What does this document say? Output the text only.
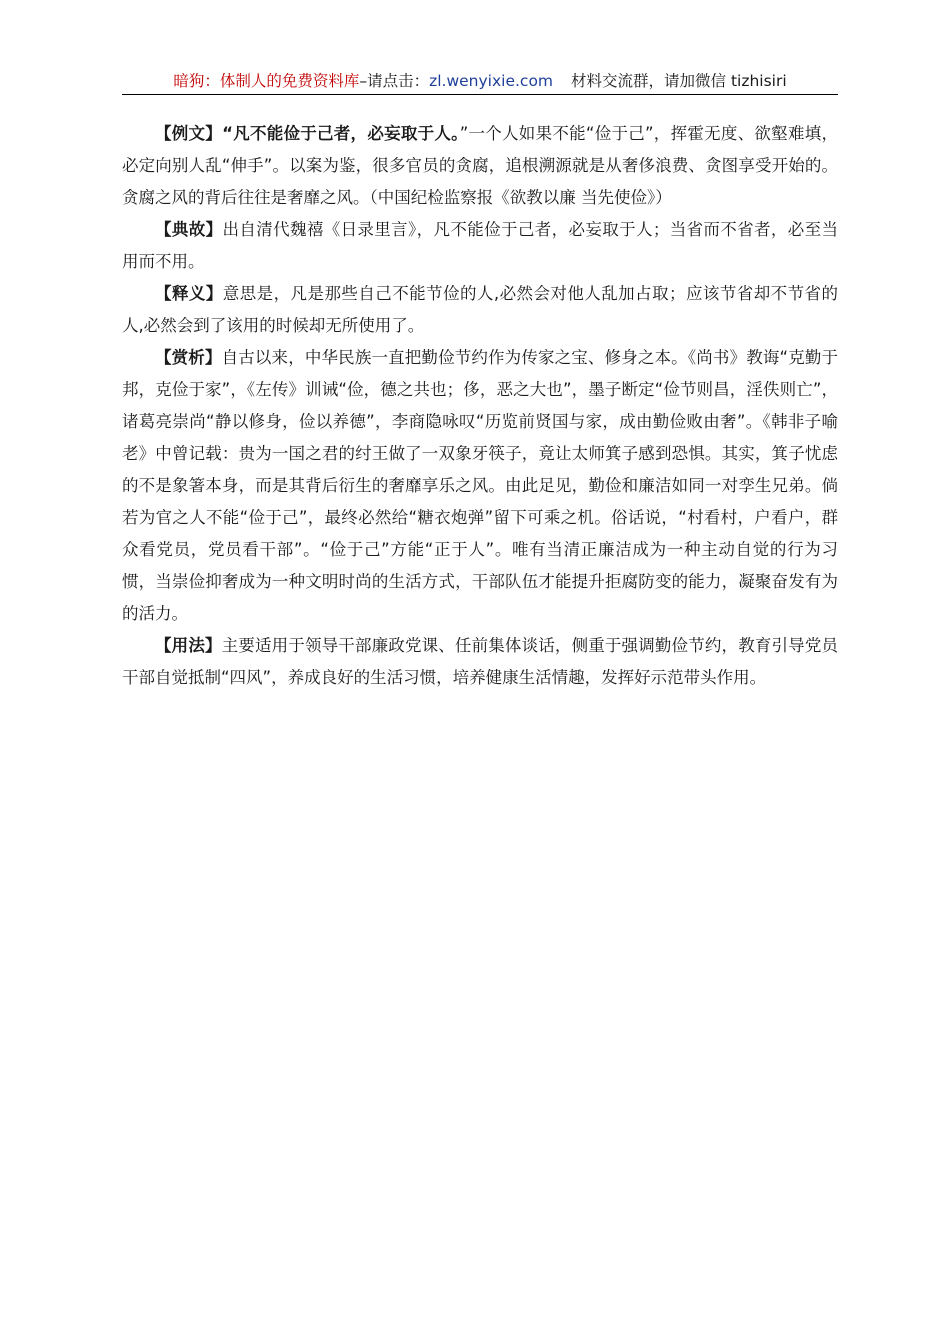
暗狗：体制人的免费资料库–请点击：zl.wenyixie.com 材料交流群，请加微信 tizhisiri

【例文】“凡不能俭于己者，必妄取于人。”一个人如果不能“俭于己”，挥霍无度、欲壑难填，必定向别人乱“伸手”。以案为鉴，很多官员的贪腐，追根溯源就是从奢侈浪费、贪图享受开始的。贪腐之风的背后往往是奢靡之风。（中国纪检监察报《欲教以廉 当先使俭》）

【典故】出自清代魏禧《日录里言》，凡不能俭于己者，必妄取于人；当省而不省者，必至当用而不用。

【释义】意思是，凡是那些自己不能节俭的人,必然会对他人乱加占取；应该节省却不节省的人,必然会到了该用的时候却无所使用了。

【赏析】自古以来，中华民族一直把勤俭节约作为传家之宝、修身之本。《尚书》教诲“克勤于邦，克俭于家”，《左传》训诫“俭，德之共也；侈，恶之大也”，墨子断定“俭节则昌，淫佚则亡”，诸葛亮崇尚“静以修身，俭以养德”，李商隐咏叹“历览前贤国与家，成由勤俭败由奢”。《韩非子喻老》中曾记载：贵为一国之君的纣王做了一双象牙筷子，竟让太师箕子感到恐惧。其实，箕子忧虑的不是象箸本身，而是其背后衍生的奢靡享乐之风。由此足见，勤俭和廉洁如同一对孪生兄弟。倘若为官之人不能“俭于己”，最终必然给“糖衣炮弹”留下可乘之机。俗话说，“村看村，户看户，群众看党员，党员看干部”。“俭于己”方能“正于人”。唯有当清正廉洁成为一种主动自觉的行为习惯，当崇俭抑奢成为一种文明时尚的生活方式，干部队伍才能提升拒腐防变的能力，凝聚奋发有为的活力。

【用法】主要适用于领导干部廉政党课、任前集体谈话，侧重于强调勤俭节约，教育引导党员干部自觉抵制“四风”，养成良好的生活习惯，培养健康生活情趣，发挥好示范带头作用。
